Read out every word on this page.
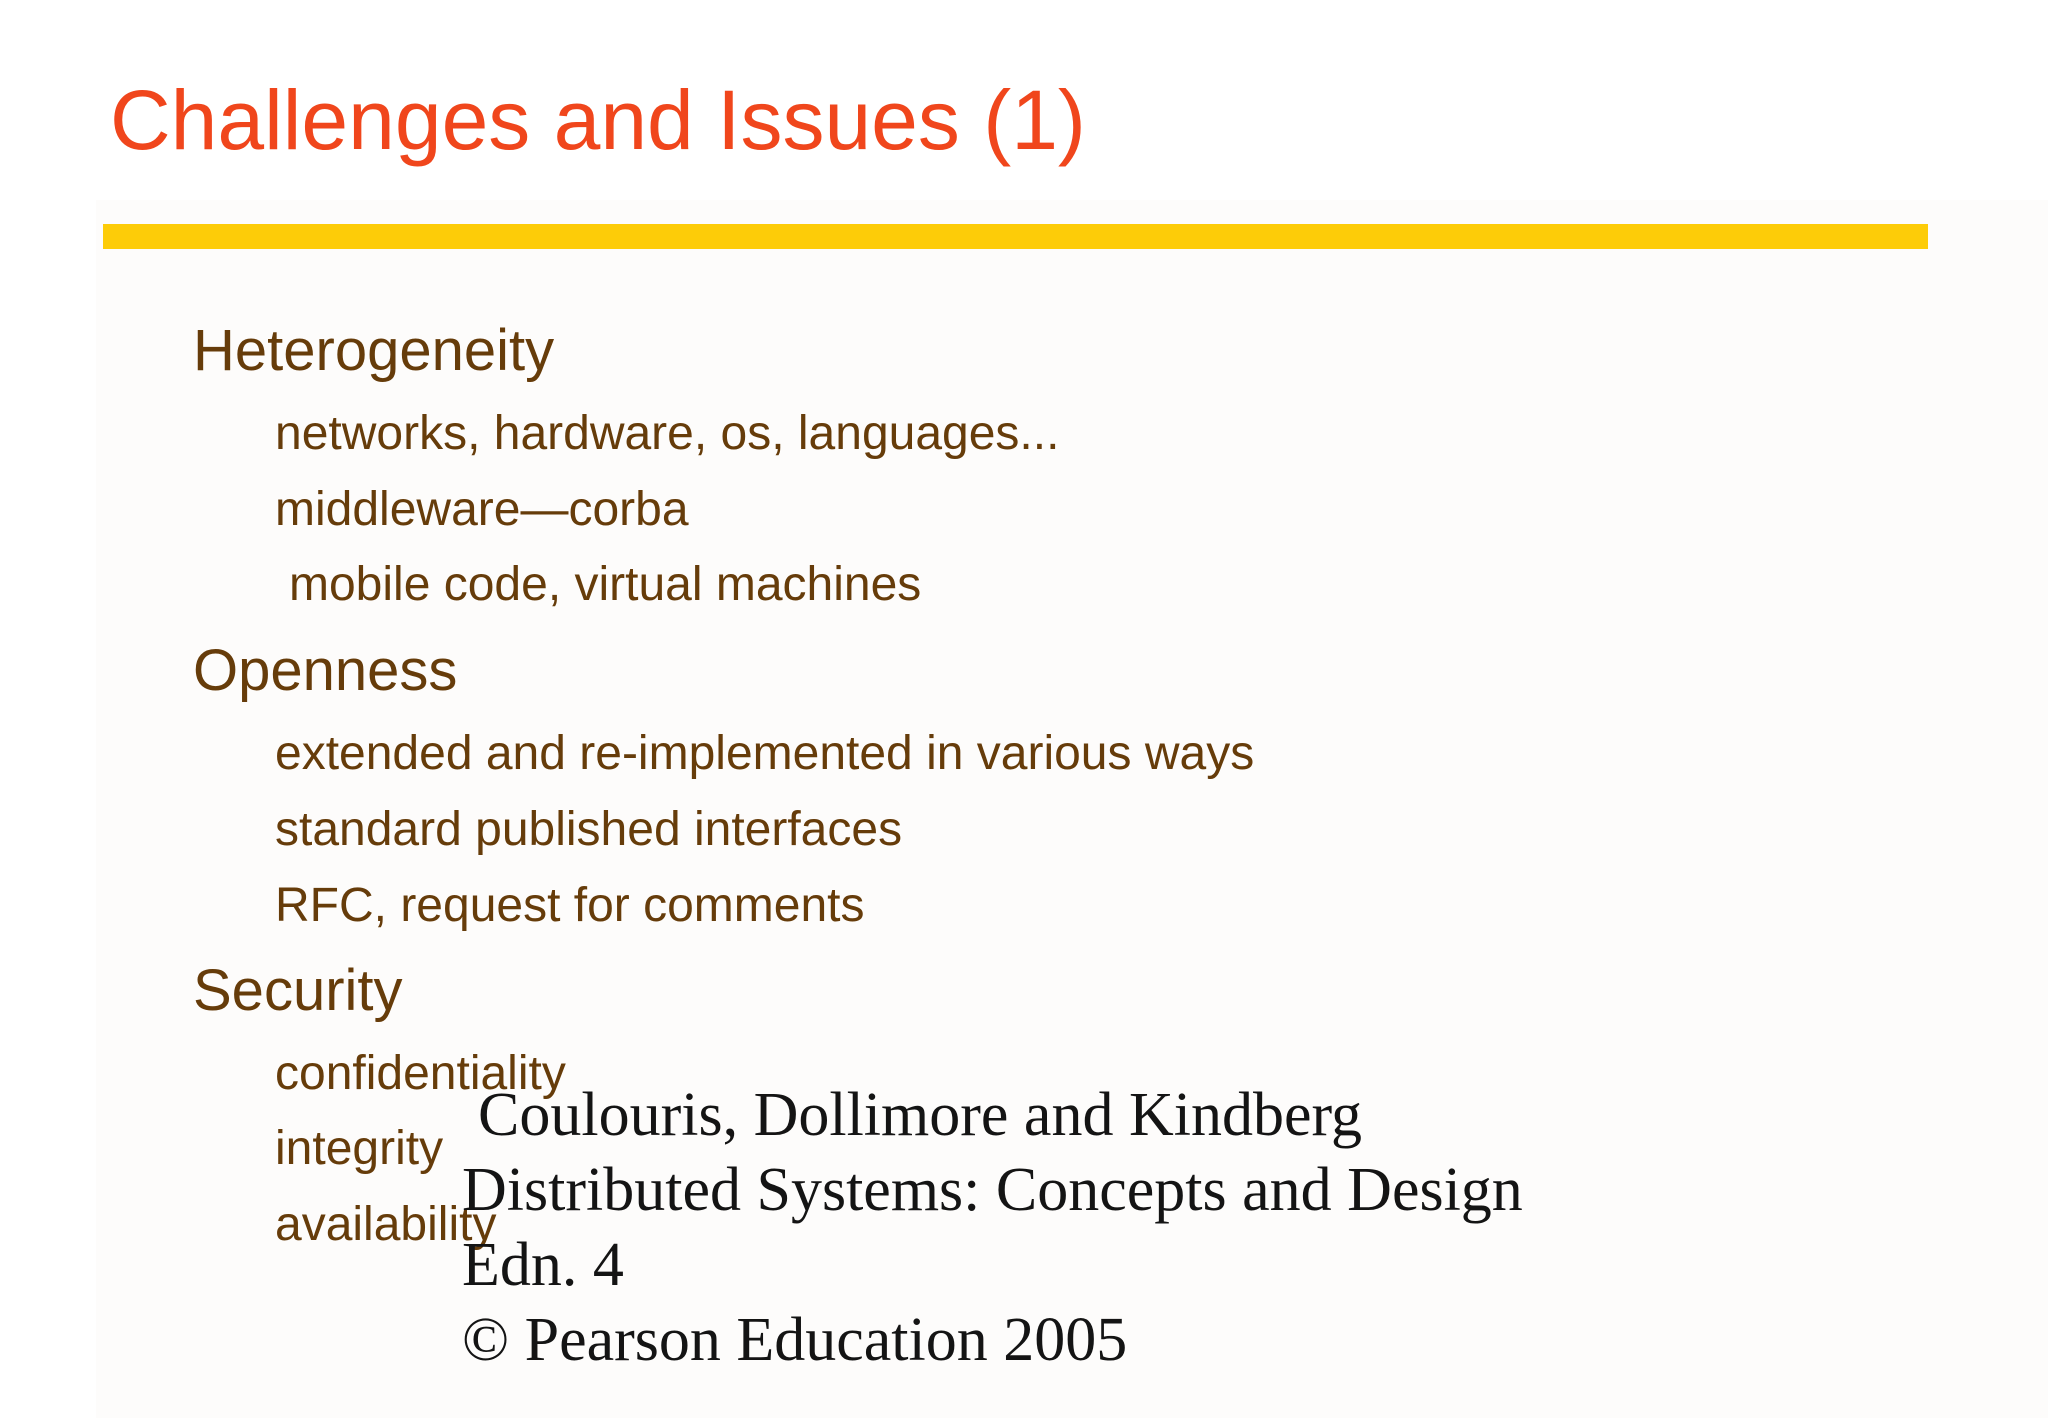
Challenges and Issues (1)
Heterogeneity
networks, hardware, os, languages...
middleware—corba
mobile code, virtual machines
Openness
extended and re-implemented in various ways
standard published interfaces
RFC, request for comments
Security
confidentiality
integrity
availability
Coulouris, Dollimore and Kindberg
Distributed Systems: Concepts and Design
Edn. 4
© Pearson Education 2005
